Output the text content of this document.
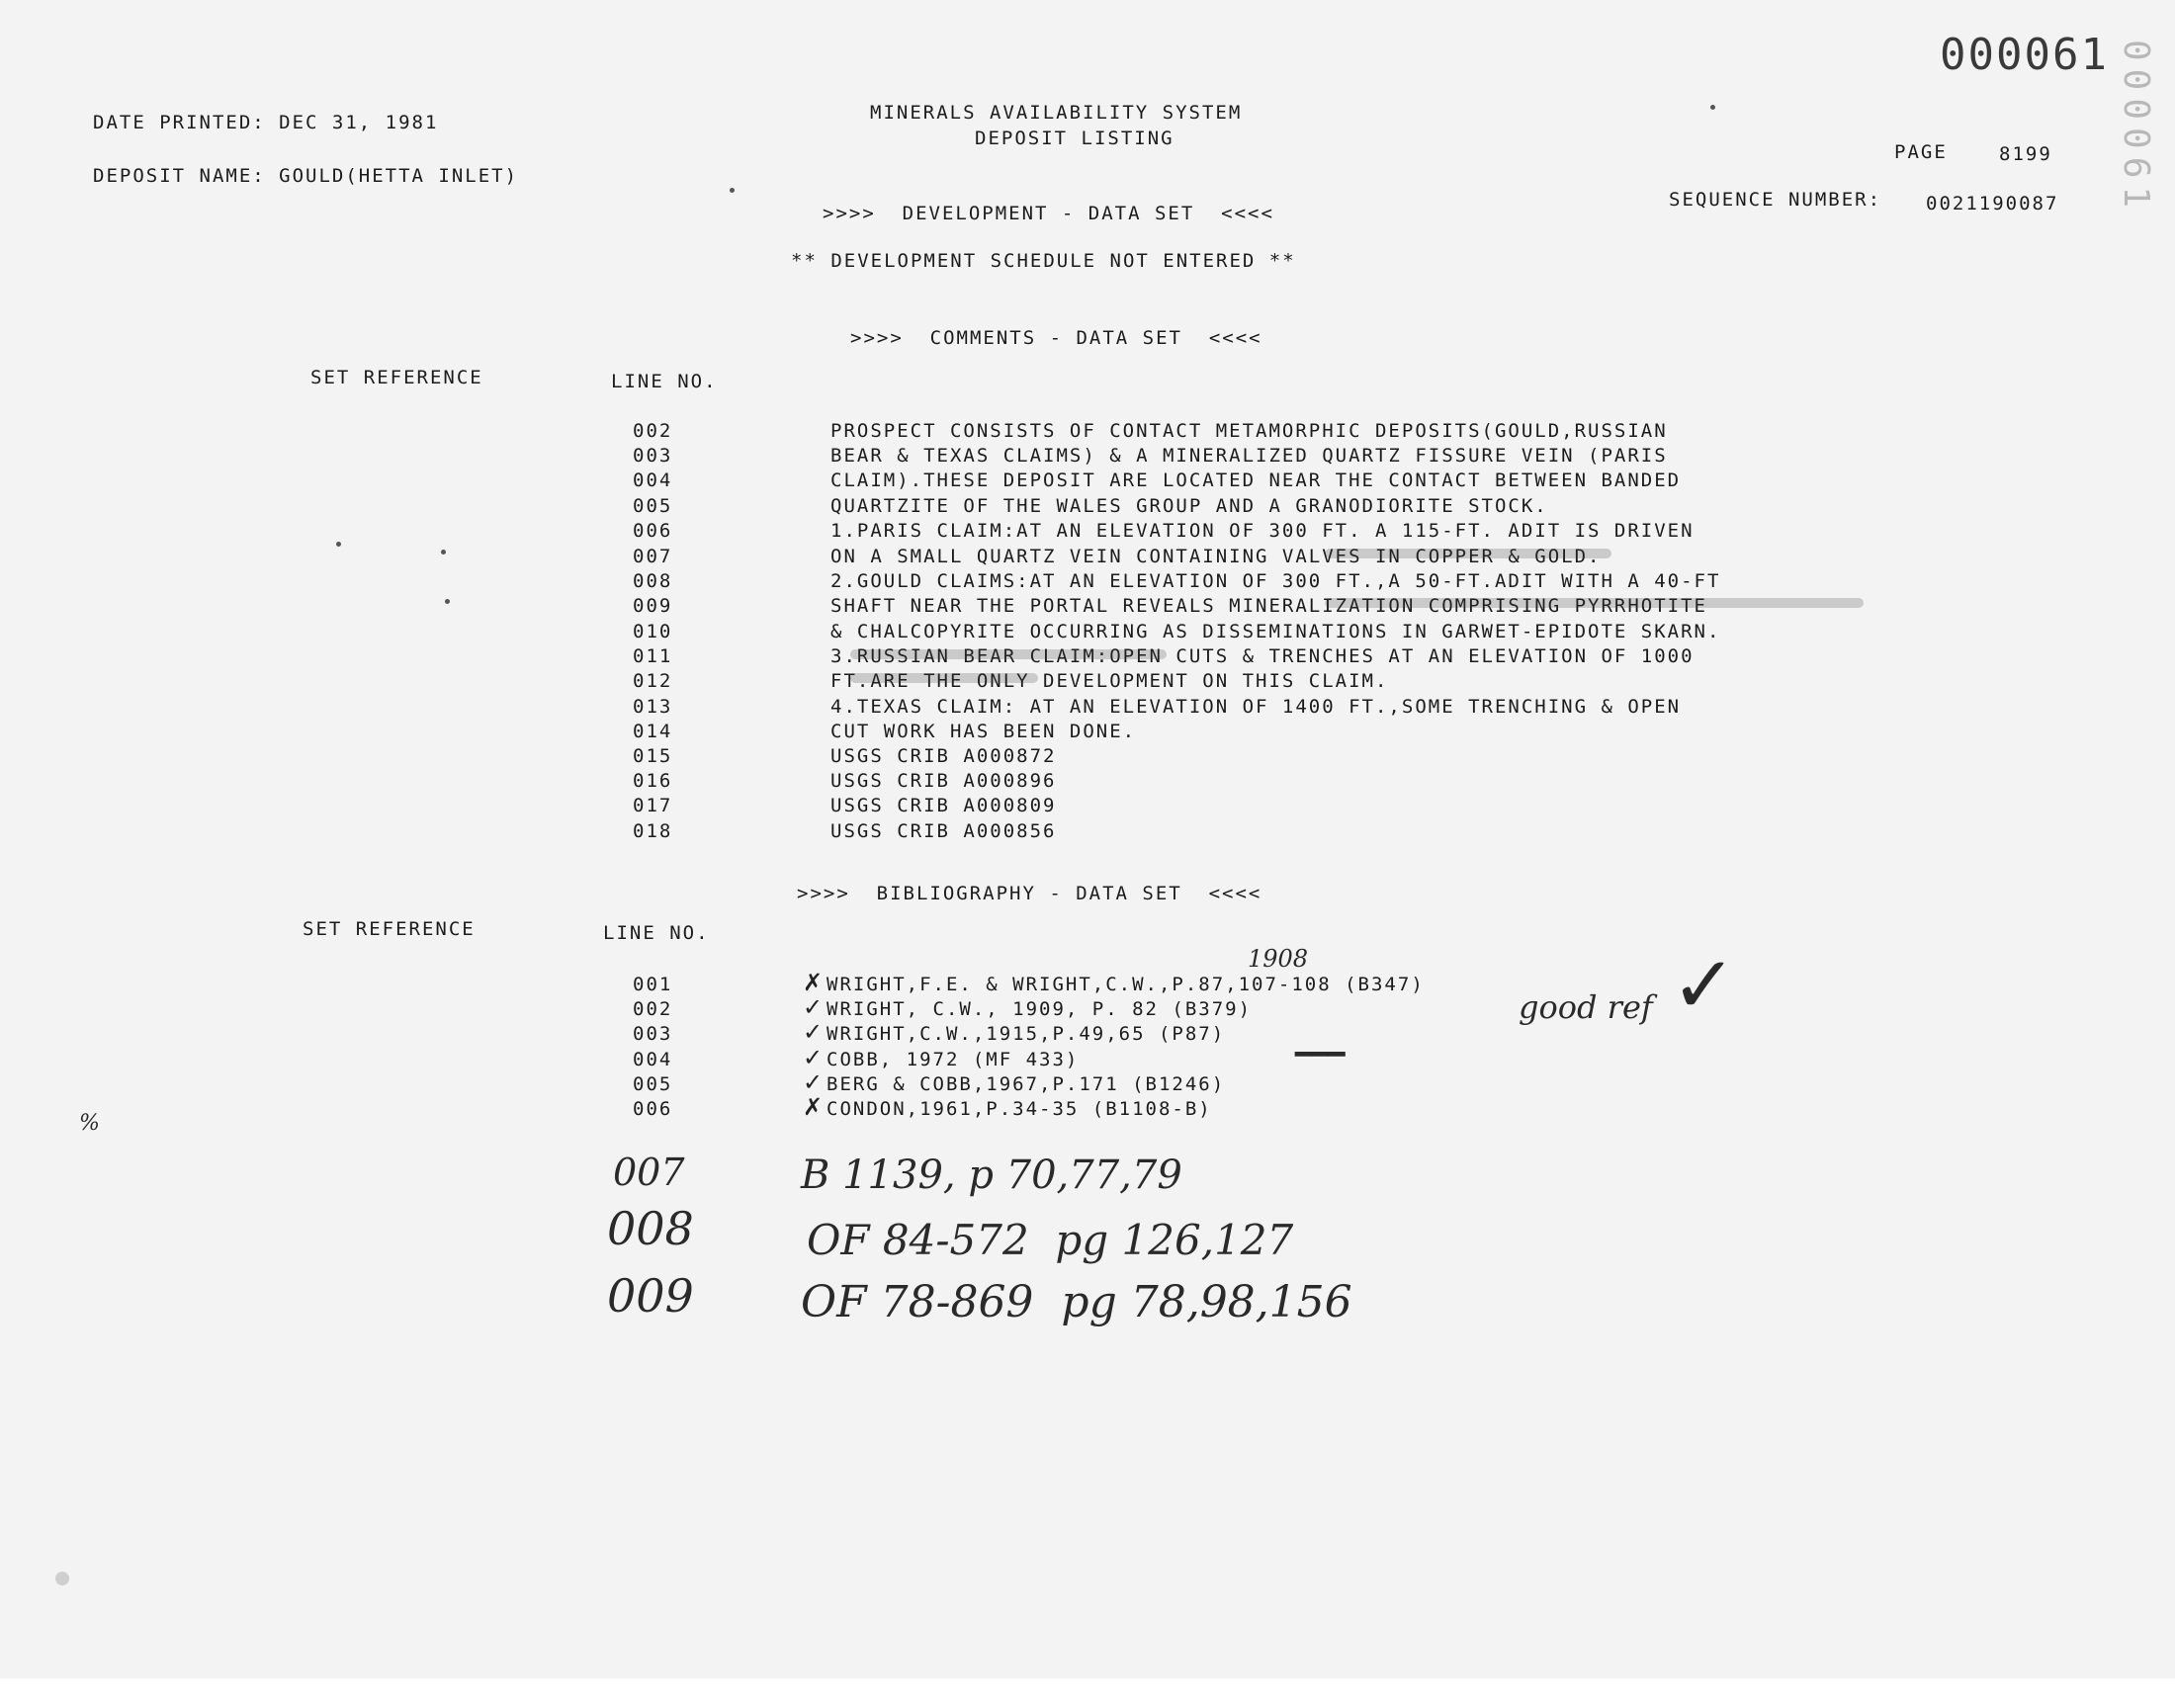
000061 000061
DATE PRINTED: DEC 31, 1981	MINERALS AVAILABILITY SYSTEM
DEPOSIT LISTING
PAGE	8199
DEPOSIT NAME: GOULD(HETTA INLET)
SEQUENCE NUMBER: 0021190087
>>>>  DEVELOPMENT - DATA SET  <<<<
** DEVELOPMENT SCHEDULE NOT ENTERED **
>>>>  COMMENTS - DATA SET  <<<<
SET REFERENCE	LINE NO.
002	PROSPECT CONSISTS OF CONTACT METAMORPHIC DEPOSITS(GOULD,RUSSIAN
003	BEAR & TEXAS CLAIMS) & A MINERALIZED QUARTZ FISSURE VEIN (PARIS
004	CLAIM).THESE DEPOSIT ARE LOCATED NEAR THE CONTACT BETWEEN BANDED
005	QUARTZITE OF THE WALES GROUP AND A GRANODIORITE STOCK.
006	1.PARIS CLAIM:AT AN ELEVATION OF 300 FT. A 115-FT. ADIT IS DRIVEN
007	ON A SMALL QUARTZ VEIN CONTAINING VALVES IN COPPER & GOLD.
008	2.GOULD CLAIMS:AT AN ELEVATION OF 300 FT.,A 50-FT.ADIT WITH A 40-FT
009	SHAFT NEAR THE PORTAL REVEALS MINERALIZATION COMPRISING PYRRHOTITE
010	& CHALCOPYRITE OCCURRING AS DISSEMINATIONS IN GARWET-EPIDOTE SKARN.
011	3.RUSSIAN BEAR CLAIM:OPEN CUTS & TRENCHES AT AN ELEVATION OF 1000
012	FT.ARE THE ONLY DEVELOPMENT ON THIS CLAIM.
013	4.TEXAS CLAIM: AT AN ELEVATION OF 1400 FT.,SOME TRENCHING & OPEN
014	CUT WORK HAS BEEN DONE.
015	USGS CRIB A000872
016	USGS CRIB A000896
017	USGS CRIB A000809
018	USGS CRIB A000856
>>>>  BIBLIOGRAPHY - DATA SET  <<<<
SET REFERENCE	LINE NO.
001	✗ WRIGHT,F.E. & WRIGHT,C.W.,P.87,107-108 (B347)
002	✓ WRIGHT, C.W., 1909, P. 82 (B379)
003	✓ WRIGHT,C.W.,1915,P.49,65 (P87)
004	✓ COBB, 1972 (MF 433)
005	✓ BERG & COBB,1967,P.171 (B1246)
006	✗ CONDON,1961,P.34-35 (B1108-B)
1908
good ref ✓
━━━
%
007	B 1139, p 70,77,79
008	OF 84-572  pg 126,127
009 OF 78-869  pg 78,98,156
